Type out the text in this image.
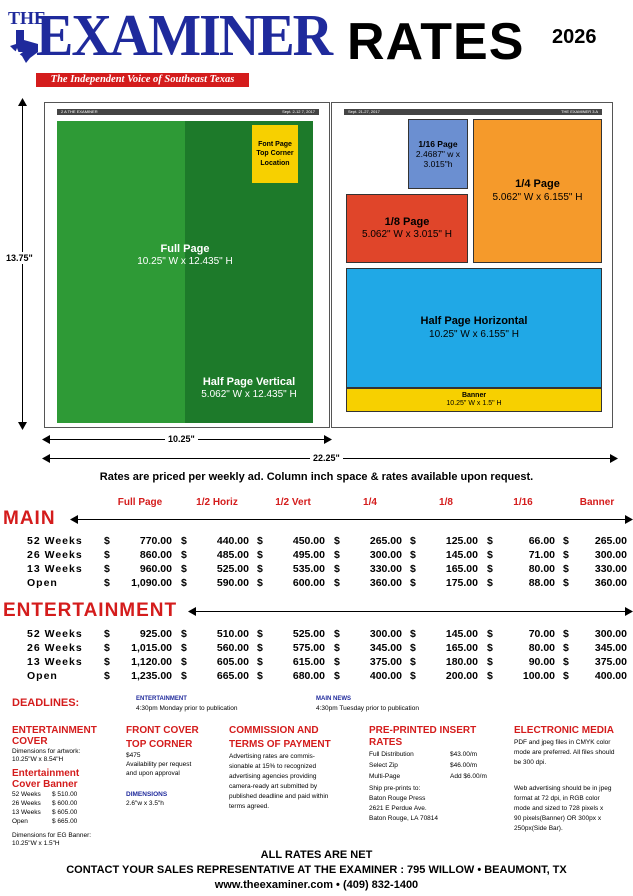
THE
EXAMINER
The Independent Voice of Southeast Texas
RATES 2026
2 A THE EXAMINER	Sept. 2-12 7, 2017
Full Page
10.25" W x 12.435" H
Half Page Vertical
5.062" W x 12.435" H
Font Page
Top Corner
Location
Sept. 21-27, 2017	THE EXAMINER 3 A
1/16 Page
2.4687" w x
3.015"h
1/4 Page
5.062" W x 6.155" H
1/8 Page
5.062" W x 3.015" H
Half Page Horizontal
10.25" W x 6.155" H
Banner
10.25" W x 1.5" H
13.75"
10.25"
22.25"
Rates are priced per weekly ad. Column inch space & rates available upon request.
Full Page	1/2 Horiz	1/2 Vert	1/4	1/8	1/16	Banner
MAIN
52 Weeks $	770.00 $	440.00 $	450.00 $	265.00 $	125.00 $	66.00 $ 265.00
26 Weeks $	860.00 $	485.00 $	495.00 $	300.00 $	145.00 $	71.00 $ 300.00
13 Weeks $	960.00 $	525.00 $	535.00 $	330.00 $	165.00 $	80.00 $ 330.00
Open	$ 1,090.00 $	590.00 $	600.00 $	360.00 $	175.00 $	88.00 $ 360.00
ENTERTAINMENT
52 Weeks $	925.00 $	510.00 $	525.00 $	300.00 $	145.00 $	70.00 $ 300.00
26 Weeks $ 1,015.00 $	560.00 $	575.00 $	345.00 $	165.00 $	80.00 $ 345.00
13 Weeks $ 1,120.00 $	605.00 $	615.00 $	375.00 $	180.00 $	90.00 $ 375.00
Open	$ 1,235.00 $	665.00 $	680.00 $	400.00 $	200.00 $	100.00 $ 400.00
DEADLINES:	ENTERTAINMENT
4:30pm Monday prior to publication
MAIN NEWS
4:30pm Tuesday prior to publication
ENTERTAINMENT
COVER
Dimensions for artwork:
10.25"W x 8.54"H
Entertainment
Cover Banner
52 Weeks $ 510.00
26 Weeks $ 600.00
13 Weeks $ 605.00
Open	$ 665.00
Dimensions for EG Banner:
10.25"W x 1.5"H
FRONT COVER
TOP CORNER
$475
Availability per request
and upon approval
DIMENSIONS
2.6"w x 3.5"h
COMMISSION AND
TERMS OF PAYMENT
Advertising rates are commis-
sionable at 15% to recognized
advertising agencies providing
camera-ready art submitted by
published deadline and paid within
terms agreed.
PRE-PRINTED INSERT
RATES
Full Distribution	$43.00/m
Select Zip	$46.00/m
Multi-Page	Add $6.00/m
Ship pre-prints to:
Baton Rouge Press
2621 E Perdue Ave.
Baton Rouge, LA 70814
ELECTRONIC MEDIA
PDF and jpeg files in CMYK color
mode are preferred. All files should
be 300 dpi.
Web advertising should be in jpeg
format at 72 dpi, in RGB color
mode and sized to 728 pixels x
90 pixels(Banner) OR 300px x
250px(Side Bar).
ALL RATES ARE NET
CONTACT YOUR SALES REPRESENTATIVE AT THE EXAMINER : 795 WILLOW • BEAUMONT, TX
www.theexaminer.com • (409) 832-1400
